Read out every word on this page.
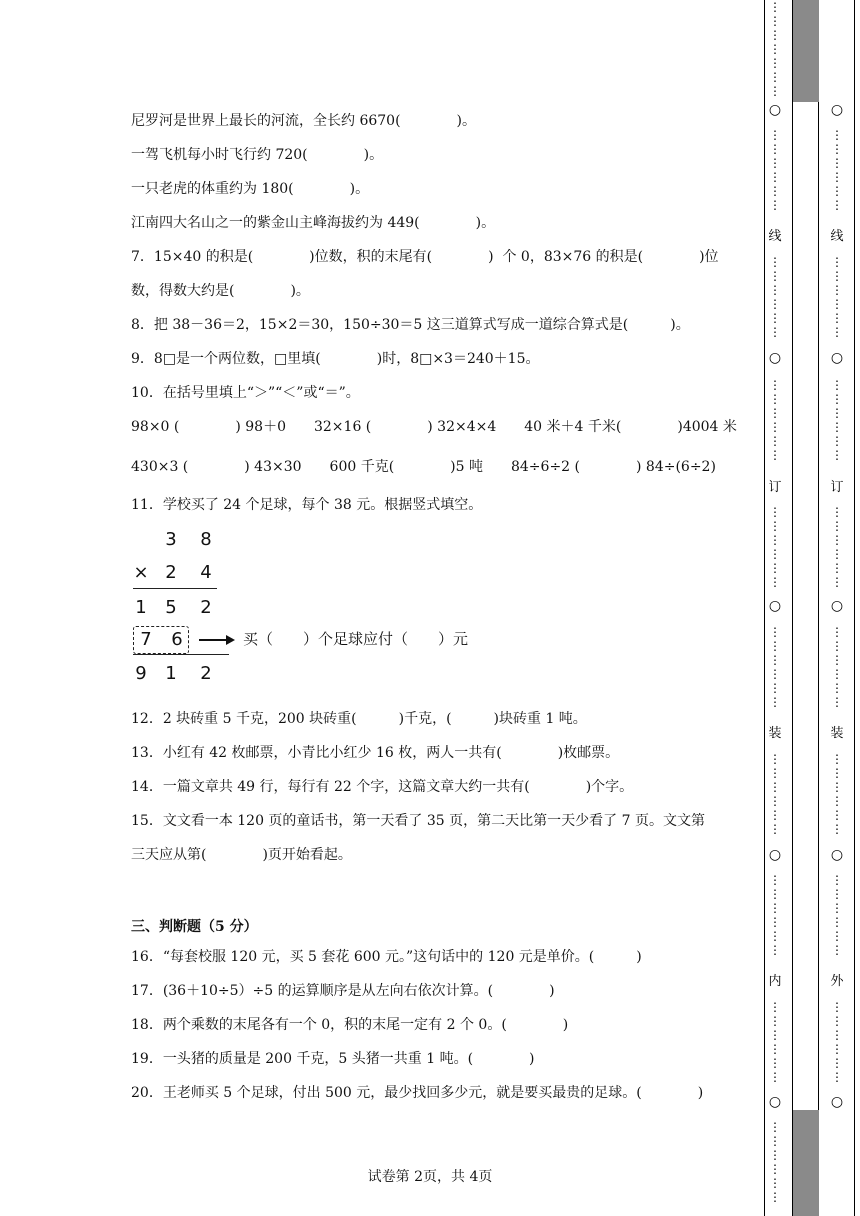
尼罗河是世界上最长的河流，全长约 6670(　　　　)。
一驾飞机每小时飞行约 720(　　　　)。
一只老虎的体重约为 180(　　　　)。
江南四大名山之一的紫金山主峰海拔约为 449(　　　　)。
7．15×40 的积是(　　　　)位数，积的末尾有(　　　　)  个 0，83×76 的积是(　　　　)位
数，得数大约是(　　　　)。
8．把 38－36＝2，15×2＝30，150÷30＝5 这三道算式写成一道综合算式是(　　　)。
9．8□是一个两位数，□里填(　　　　)时，8□×3＝240＋15。
10．在括号里填上“＞”“＜”或“＝”。
98×0 (　　　　) 98＋0　　32×16 (　　　　) 32×4×4　　40 米＋4 千米(　　　　)4004 米
430×3 (　　　　) 43×30　　600 千克(　　　　)5 吨　　84÷6÷2 (　　　　) 84÷(6÷2)
11．学校买了 24 个足球，每个 38 元。根据竖式填空。
3 8
× 2 4
1 5 2
7 6	买（　　）个足球应付（　　）元
9 1 2
12．2 块砖重 5 千克，200 块砖重(　　　)千克，(　　　)块砖重 1 吨。
13．小红有 42 枚邮票，小青比小红少 16 枚，两人一共有(　　　　)枚邮票。
14．一篇文章共 49 行，每行有 22 个字，这篇文章大约一共有(　　　　)个字。
15．文文看一本 120 页的童话书，第一天看了 35 页，第二天比第一天少看了 7 页。文文第
三天应从第(　　　　)页开始看起。
三、判断题（5 分）
16．“每套校服 120 元，买 5 套花 600 元。”这句话中的 120 元是单价。(　　　)
17．(36＋10÷5）÷5 的运算顺序是从左向右依次计算。(　　　　)
18．两个乘数的末尾各有一个 0，积的末尾一定有 2 个 0。(　　　　)
19．一头猪的质量是 200 千克，5 头猪一共重 1 吨。(　　　　)
20．王老师买 5 个足球，付出 500 元，最少找回多少元，就是要买最贵的足球。(　　　　)
试卷第 2页，共 4页
⋮
⋮
⋮
⋮
⋮
⋮
⋮
○
⋮
⋮
⋮
⋮
⋮
⋮
线
⋮
⋮
⋮
⋮
⋮
⋮
○
⋮
⋮
⋮
⋮
⋮
⋮
订
⋮
⋮
⋮
⋮
⋮
⋮
○
⋮
⋮
⋮
⋮
⋮
⋮
装
⋮
⋮
⋮
⋮
⋮
⋮
○
⋮
⋮
⋮
⋮
⋮
⋮
内
⋮
⋮
⋮
⋮
⋮
⋮
○
⋮
⋮
⋮
⋮
⋮
⋮
○
○
○
○
○
线
订
装
外
⋮
⋮
⋮
⋮
⋮
⋮
⋮
⋮
⋮
⋮
⋮
⋮
⋮
⋮
⋮
⋮
⋮
⋮
⋮
⋮
⋮
⋮
⋮
⋮
⋮
⋮
⋮
⋮
⋮
⋮
⋮
⋮
⋮
⋮
⋮
⋮
⋮
⋮
⋮
⋮
⋮
⋮
⋮
⋮
⋮
⋮
⋮
⋮
